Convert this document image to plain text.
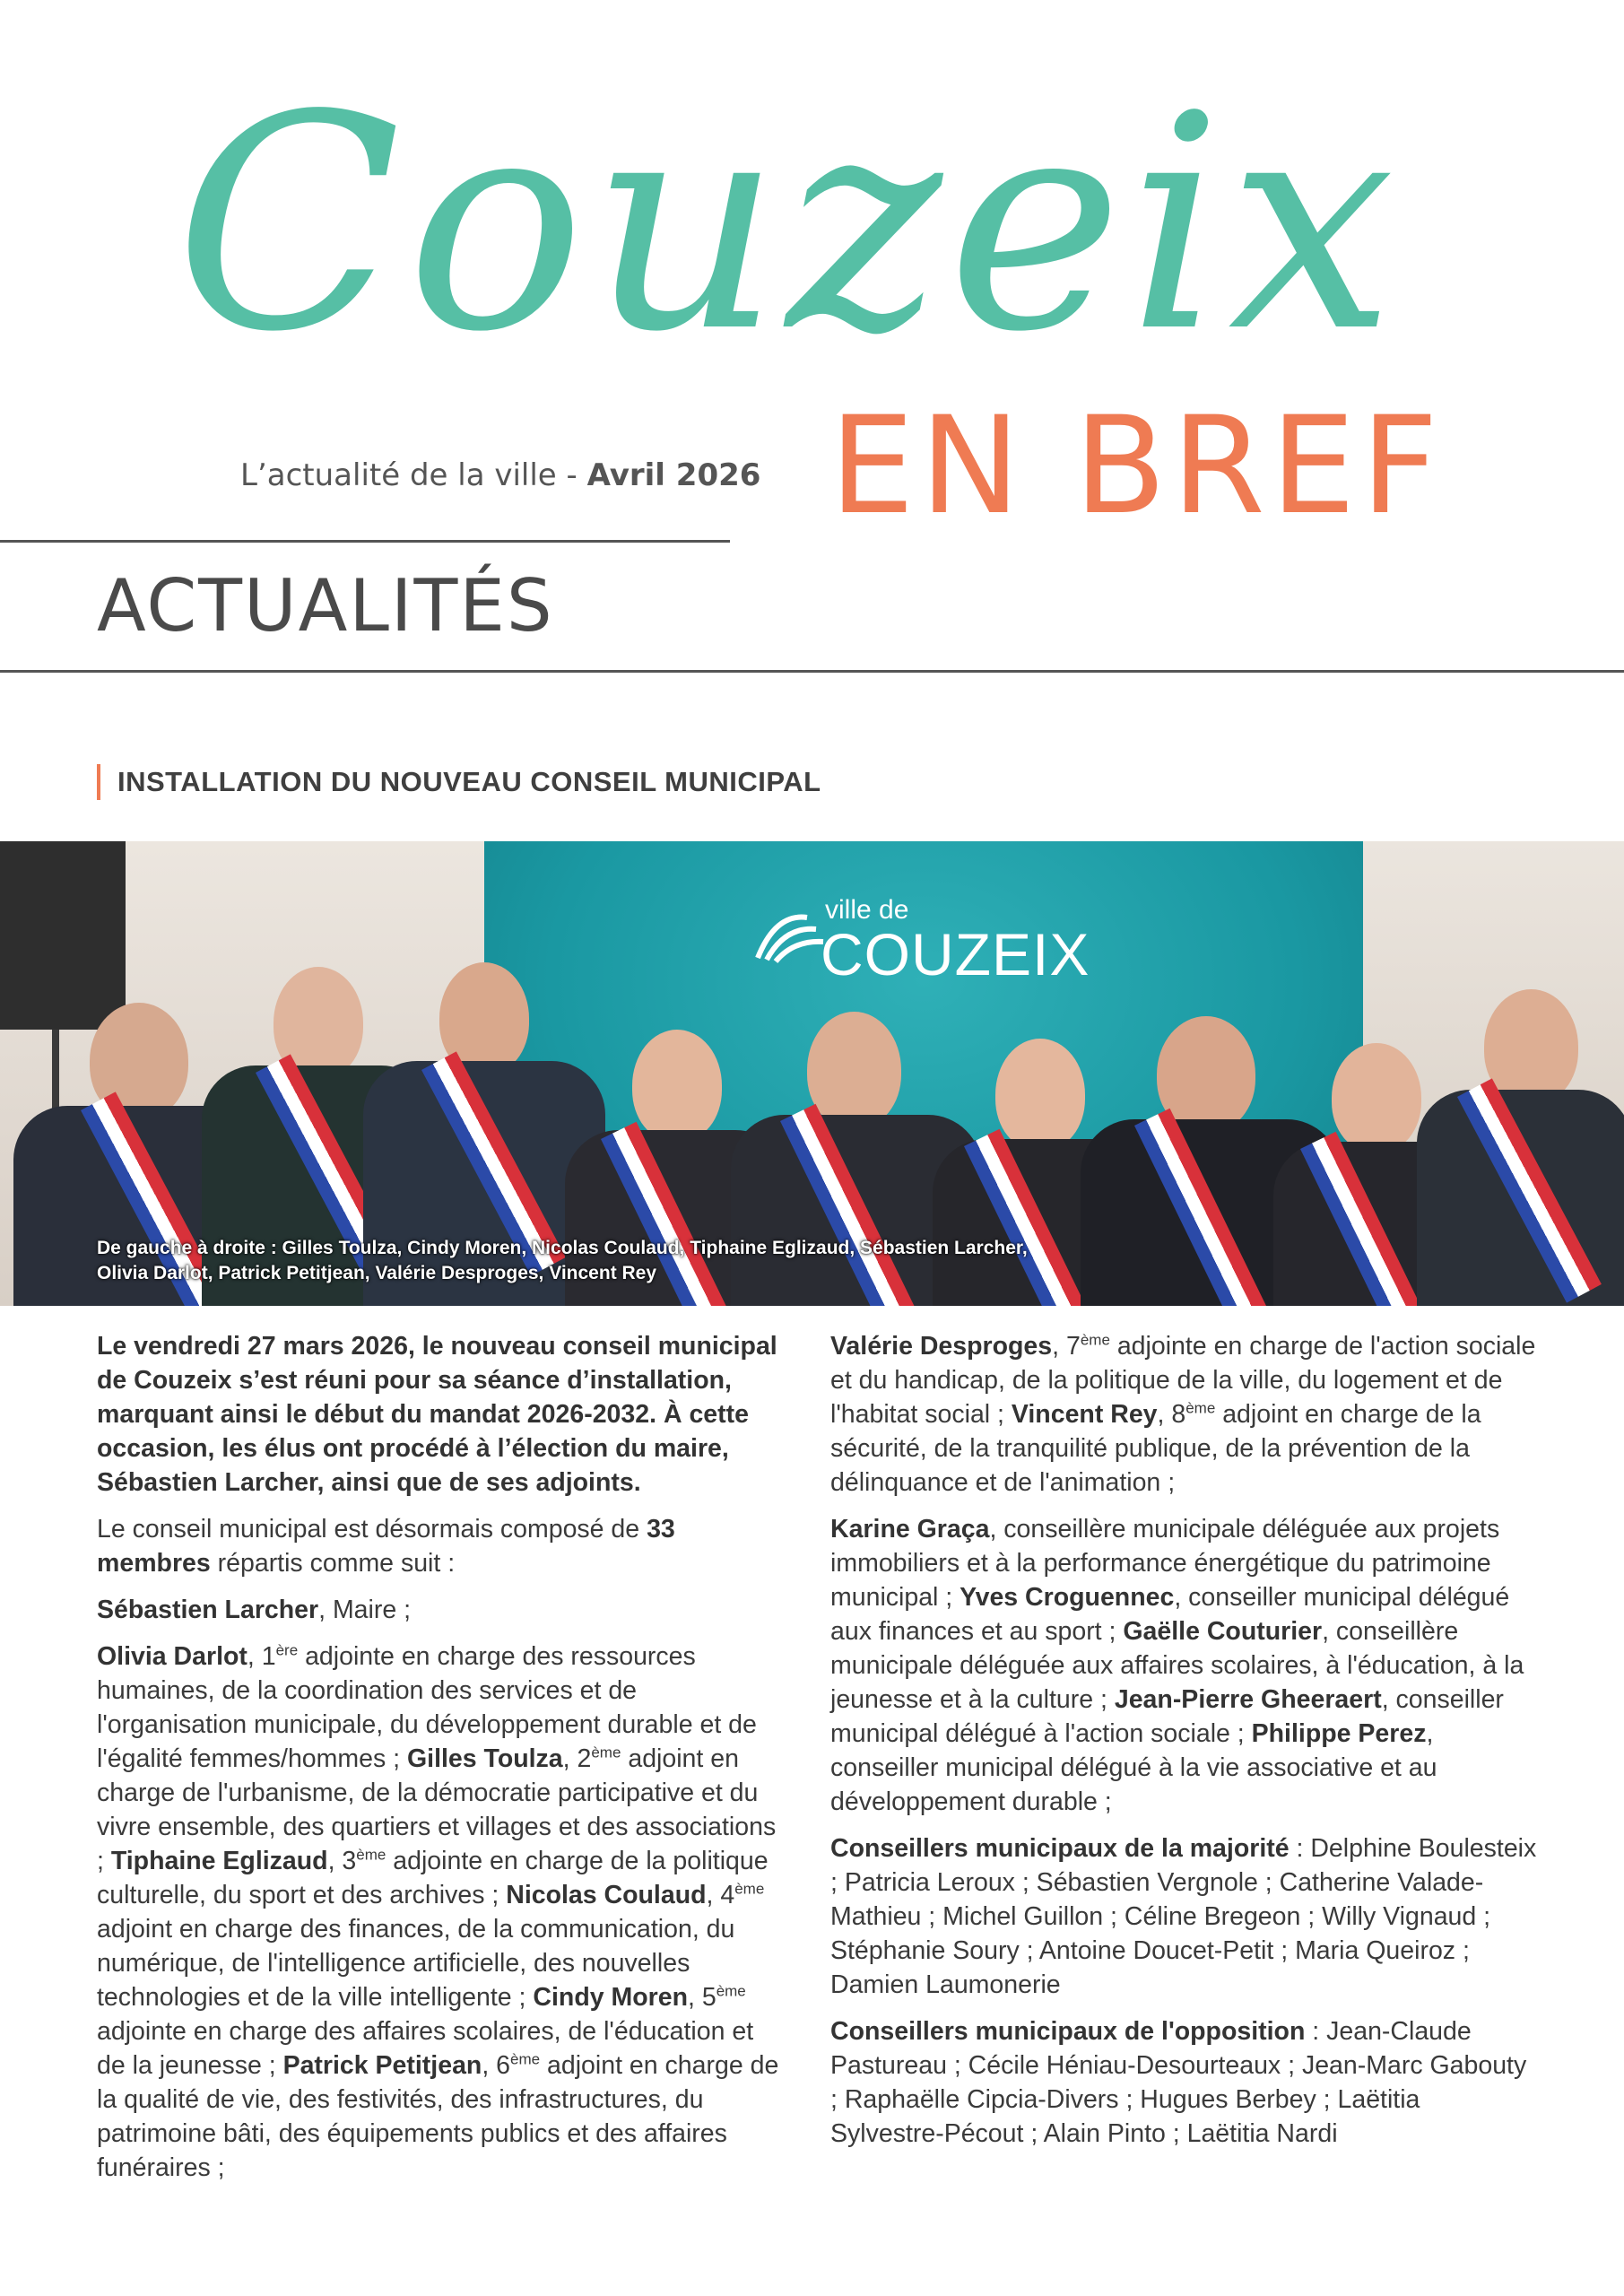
Couzeix
L’actualité de la ville - Avril 2026 EN BREF
ACTUALITÉS
INSTALLATION DU NOUVEAU CONSEIL MUNICIPAL
ville de
COUZEIX
De gauche à droite : Gilles Toulza, Cindy Moren, Nicolas Coulaud, Tiphaine Eglizaud, Sébastien Larcher,
Olivia Darlot, Patrick Petitjean, Valérie Desproges, Vincent Rey

Le vendredi 27 mars 2026, le nouveau conseil municipal de Couzeix s’est réuni pour sa séance d’installation, marquant ainsi le début du mandat 2026-2032. À cette occasion, les élus ont procédé à l’élection du maire, Sébastien Larcher, ainsi que de ses adjoints.

Le conseil municipal est désormais composé de 33 membres répartis comme suit :

Sébastien Larcher, Maire ;

Olivia Darlot, 1ère adjointe en charge des ressources humaines, de la coordination des services et de l'organisation municipale, du développement durable et de l'égalité femmes/hommes ; Gilles Toulza, 2ème adjoint en charge de l'urbanisme, de la démocratie participative et du vivre ensemble, des quartiers et villages et des associations ; Tiphaine Eglizaud, 3ème adjointe en charge de la politique culturelle, du sport et des archives ; Nicolas Coulaud, 4ème adjoint en charge des finances, de la communication, du numérique, de l'intelligence artificielle, des nouvelles technologies et de la ville intelligente ; Cindy Moren, 5ème adjointe en charge des affaires scolaires, de l'éducation et de la jeunesse ; Patrick Petitjean, 6ème adjoint en charge de la qualité de vie, des festivités, des infrastructures, du patrimoine bâti, des équipements publics et des affaires funéraires ;

Valérie Desproges, 7ème adjointe en charge de l'action sociale et du handicap, de la politique de la ville, du logement et de l'habitat social ; Vincent Rey, 8ème adjoint en charge de la sécurité, de la tranquilité publique, de la prévention de la délinquance et de l'animation ;

Karine Graça, conseillère municipale déléguée aux projets immobiliers et à la performance énergétique du patrimoine municipal ; Yves Croguennec, conseiller municipal délégué aux finances et au sport ; Gaëlle Couturier, conseillère municipale déléguée aux affaires scolaires, à l'éducation, à la jeunesse et à la culture ; Jean-Pierre Gheeraert, conseiller municipal délégué à l'action sociale ; Philippe Perez, conseiller municipal délégué à la vie associative et au développement durable ;

Conseillers municipaux de la majorité : Delphine Boulesteix ; Patricia Leroux ; Sébastien Vergnole ; Catherine Valade-Mathieu ; Michel Guillon ; Céline Bregeon ; Willy Vignaud ; Stéphanie Soury ; Antoine Doucet-Petit ; Maria Queiroz ; Damien Laumonerie

Conseillers municipaux de l'opposition : Jean-Claude Pastureau ; Cécile Héniau-Desourteaux ; Jean-Marc Gabouty ; Raphaëlle Cipcia-Divers ; Hugues Berbey ; Laëtitia Sylvestre-Pécout ; Alain Pinto ; Laëtitia Nardi
